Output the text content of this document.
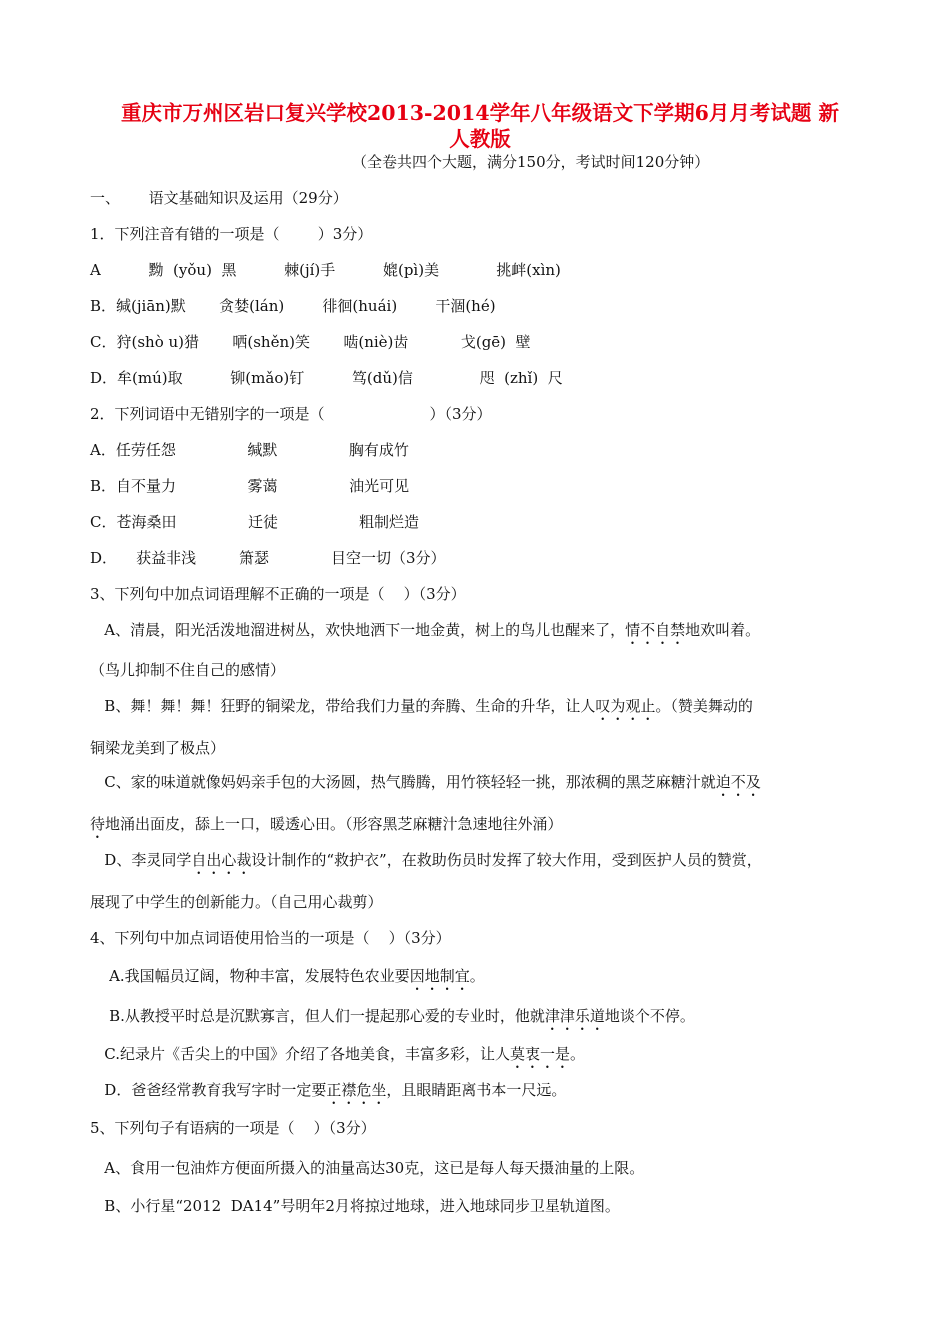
重庆市万州区岩口复兴学校2013-2014学年八年级语文下学期6月月考试题 新
人教版
（全卷共四个大题，满分150分，考试时间120分钟）
一、      语文基础知识及运用（29分）
1．下列注音有错的一项是（        ）3分）
A          黝  (yǒu)  黑          棘(jí)手          媲(pì)美            挑衅(xìn)
B．缄(jiān)默       贪婪(lán)        徘徊(huái)        干涸(hé)
C．狩(shò u)猎       哂(shěn)笑       啮(niè)齿           戈(gē)  壁
D．牟(mú)取          铆(mǎo)钉          笃(dǔ)信              咫  (zhǐ)  尺
2．下列词语中无错别字的一项是（                      ）（3分）
A．任劳任怨               缄默               胸有成竹
B．自不量力               雾蔼               油光可见
C．苍海桑田               迁徒                 粗制烂造
D．    获益非浅         箫瑟             目空一切（3分）
3、下列句中加点词语理解不正确的一项是（    ）（3分）
A、清晨，阳光活泼地溜进树丛，欢快地洒下一地金黄，树上的鸟儿也醒来了，情不自禁地欢叫着。
（鸟儿抑制不住自己的感情）
B、舞！舞！舞！狂野的铜梁龙，带给我们力量的奔腾、生命的升华，让人叹为观止。（赞美舞动的
铜梁龙美到了极点）
C、家的味道就像妈妈亲手包的大汤圆，热气腾腾，用竹筷轻轻一挑，那浓稠的黑芝麻糖汁就迫不及
待地涌出面皮，舔上一口，暖透心田。（形容黑芝麻糖汁急速地往外涌）
D、李灵同学自出心裁设计制作的“救护衣”，在救助伤员时发挥了较大作用，受到医护人员的赞赏，
展现了中学生的创新能力。（自己用心裁剪）
4、下列句中加点词语使用恰当的一项是（    ）（3分）
A.我国幅员辽阔，物种丰富，发展特色农业要因地制宜。
B.从教授平时总是沉默寡言，但人们一提起那心爱的专业时，他就津津乐道地谈个不停。
C.纪录片《舌尖上的中国》介绍了各地美食，丰富多彩，让人莫衷一是。
D．爸爸经常教育我写字时一定要正襟危坐，且眼睛距离书本一尺远。
5、下列句子有语病的一项是（    ）（3分）
A、食用一包油炸方便面所摄入的油量高达30克，这已是每人每天摄油量的上限。
B、小行星“2012  DA14”号明年2月将掠过地球，进入地球同步卫星轨道图。
